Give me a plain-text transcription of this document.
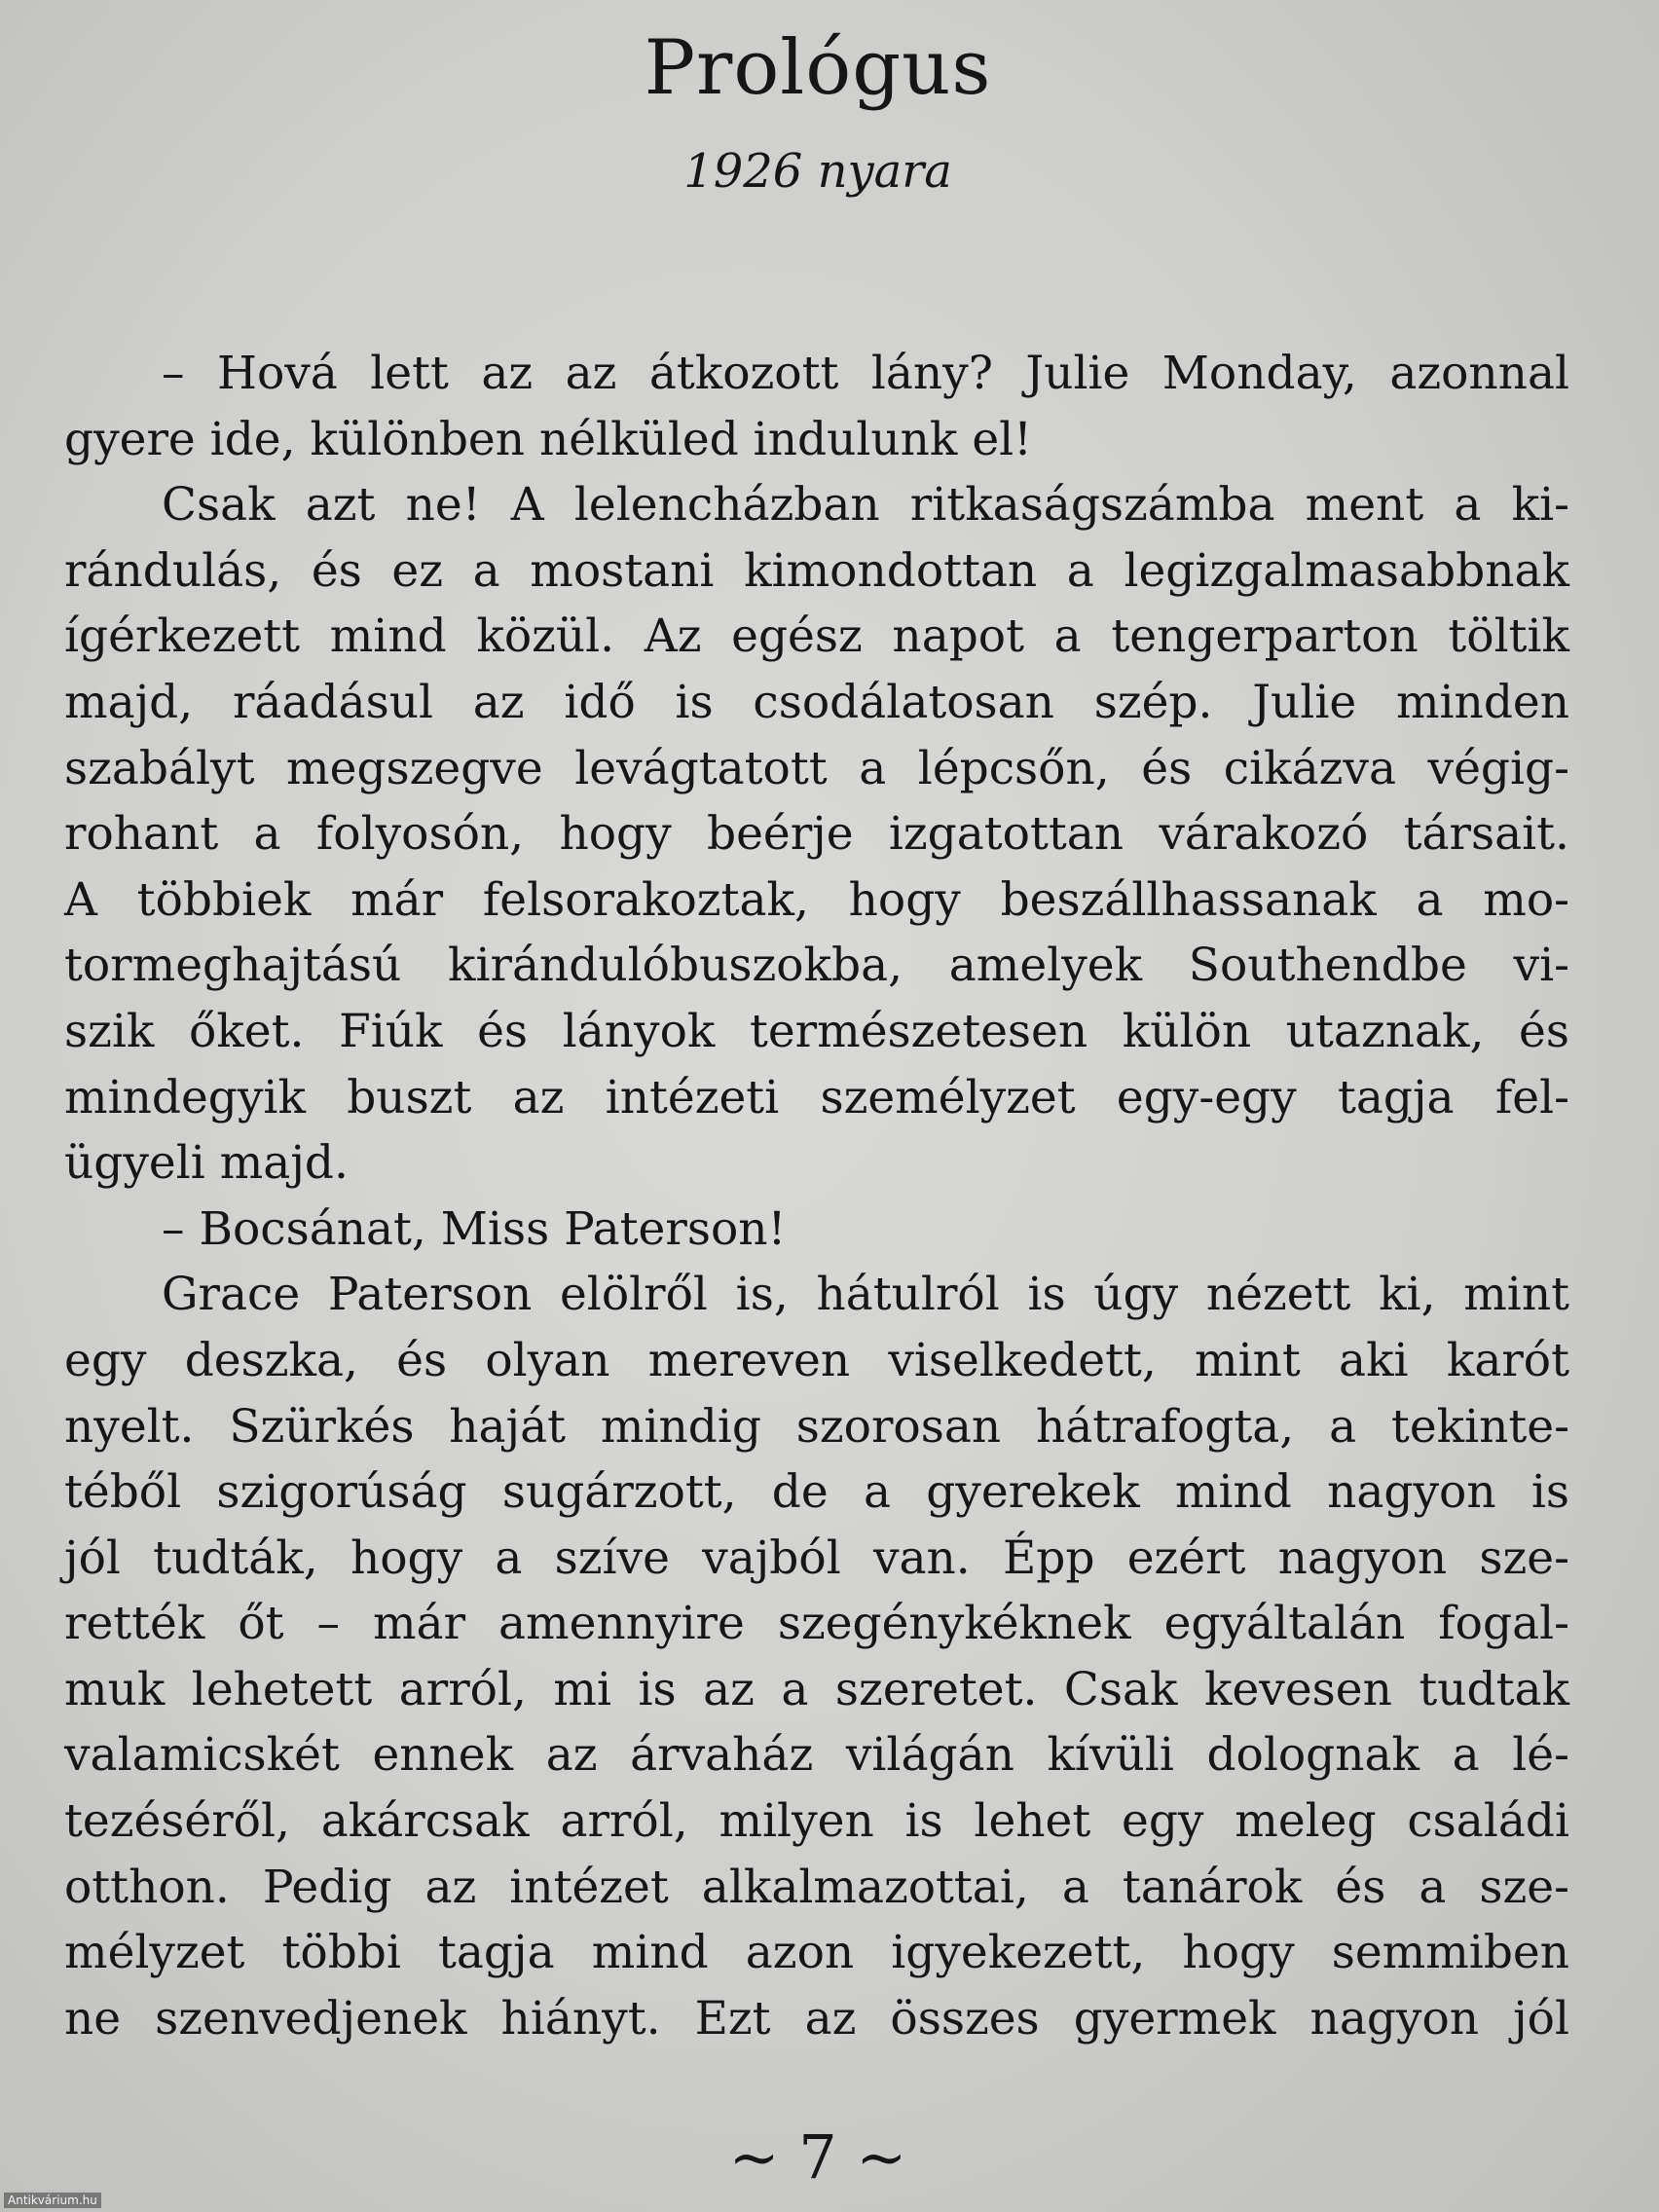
Prológus
1926 nyara
– Hová lett az az átkozott lány? Julie Monday, azonnal
gyere ide, különben nélküled indulunk el!
Csak azt ne! A lelencházban ritkaságszámba ment a ki-
rándulás, és ez a mostani kimondottan a legizgalmasabbnak
ígérkezett mind közül. Az egész napot a tengerparton töltik
majd, ráadásul az idő is csodálatosan szép. Julie minden
szabályt megszegve levágtatott a lépcsőn, és cikázva végig-
rohant a folyosón, hogy beérje izgatottan várakozó társait.
A többiek már felsorakoztak, hogy beszállhassanak a mo-
tormeghajtású kirándulóbuszokba, amelyek Southendbe vi-
szik őket. Fiúk és lányok természetesen külön utaznak, és
mindegyik buszt az intézeti személyzet egy-egy tagja fel-
ügyeli majd.
– Bocsánat, Miss Paterson!
Grace Paterson elölről is, hátulról is úgy nézett ki, mint
egy deszka, és olyan mereven viselkedett, mint aki karót
nyelt. Szürkés haját mindig szorosan hátrafogta, a tekinte-
téből szigorúság sugárzott, de a gyerekek mind nagyon is
jól tudták, hogy a szíve vajból van. Épp ezért nagyon sze-
rették őt – már amennyire szegénykéknek egyáltalán fogal-
muk lehetett arról, mi is az a szeretet. Csak kevesen tudtak
valamicskét ennek az árvaház világán kívüli dolognak a lé-
tezéséről, akárcsak arról, milyen is lehet egy meleg családi
otthon. Pedig az intézet alkalmazottai, a tanárok és a sze-
mélyzet többi tagja mind azon igyekezett, hogy semmiben
ne szenvedjenek hiányt. Ezt az összes gyermek nagyon jól
~ 7 ~
Antikvárium.hu
